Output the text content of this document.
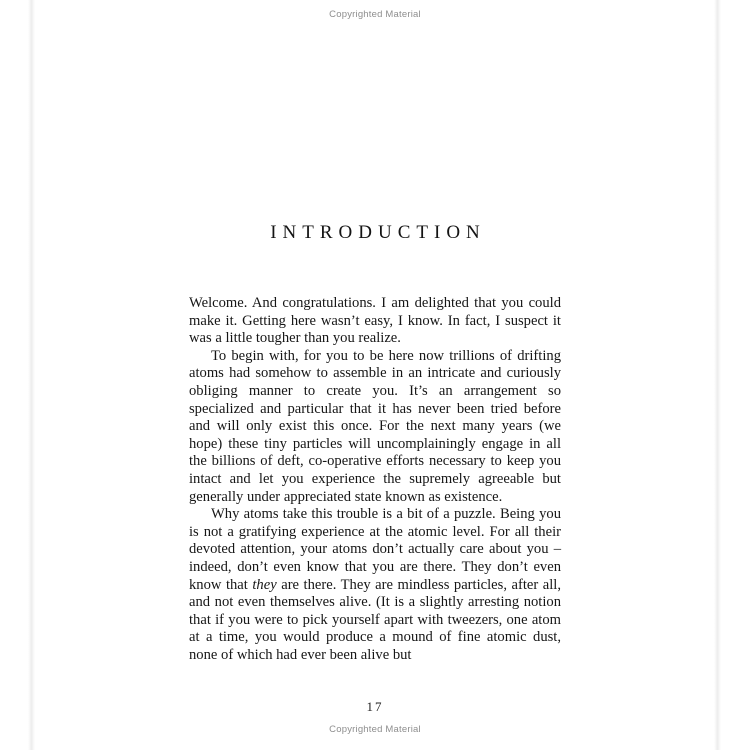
Copyrighted Material
INTRODUCTION

Welcome. And congratulations. I am delighted that you could make it. Getting here wasn’t easy, I know. In fact, I suspect it was a little tougher than you realize.

To begin with, for you to be here now trillions of drifting atoms had somehow to assemble in an intricate and curiously obliging manner to create you. It’s an arrangement so specialized and particular that it has never been tried before and will only exist this once. For the next many years (we hope) these tiny particles will uncomplainingly engage in all the billions of deft, co-operative efforts necessary to keep you intact and let you experience the supremely agreeable but generally under appreciated state known as existence.

Why atoms take this trouble is a bit of a puzzle. Being you is not a gratifying experience at the atomic level. For all their devoted attention, your atoms don’t actually care about you – indeed, don’t even know that you are there. They don’t even know that they are there. They are mindless particles, after all, and not even themselves alive. (It is a slightly arresting notion that if you were to pick yourself apart with tweezers, one atom at a time, you would produce a mound of fine atomic dust, none of which had ever been alive but

17
Copyrighted Material
